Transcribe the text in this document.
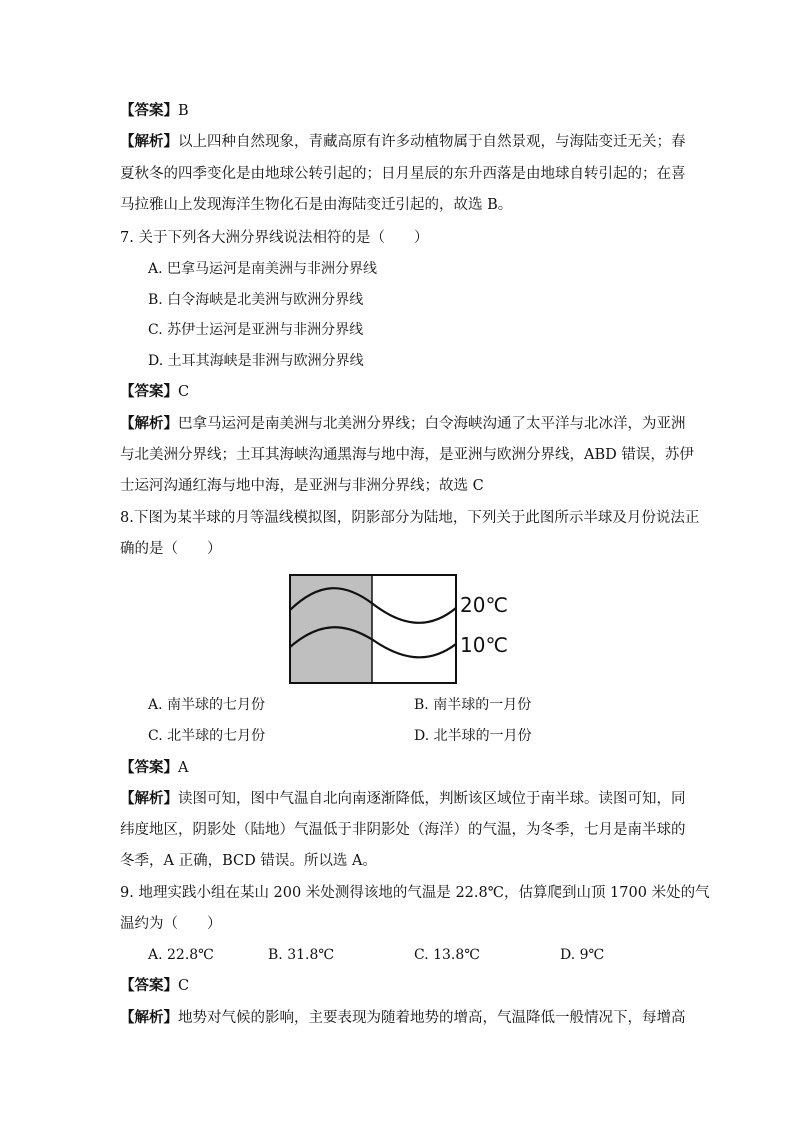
【答案】B
【解析】以上四种自然现象，青藏高原有许多动植物属于自然景观，与海陆变迁无关；春
夏秋冬的四季变化是由地球公转引起的；日月星辰的东升西落是由地球自转引起的；在喜
马拉雅山上发现海洋生物化石是由海陆变迁引起的，故选 B。
7. 关于下列各大洲分界线说法相符的是（　　）
A. 巴拿马运河是南美洲与非洲分界线
B. 白令海峡是北美洲与欧洲分界线
C. 苏伊士运河是亚洲与非洲分界线
D. 土耳其海峡是非洲与欧洲分界线
【答案】C
【解析】巴拿马运河是南美洲与北美洲分界线；白令海峡沟通了太平洋与北冰洋，为亚洲
与北美洲分界线；土耳其海峡沟通黑海与地中海，是亚洲与欧洲分界线，ABD 错误，苏伊
士运河沟通红海与地中海，是亚洲与非洲分界线；故选 C
8.下图为某半球的月等温线模拟图，阴影部分为陆地，下列关于此图所示半球及月份说法正
确的是（　　）
20℃
10℃
A. 南半球的七月份	B. 南半球的一月份
C. 北半球的七月份	D. 北半球的一月份
【答案】A
【解析】读图可知，图中气温自北向南逐渐降低，判断该区域位于南半球。读图可知，同
纬度地区，阴影处（陆地）气温低于非阴影处（海洋）的气温，为冬季，七月是南半球的
冬季，A 正确，BCD 错误。所以选 A。
9. 地理实践小组在某山 200 米处测得该地的气温是 22.8℃，估算爬到山顶 1700 米处的气
温约为（　　）
A. 22.8℃	B. 31.8℃	C. 13.8℃	D. 9℃
【答案】C
【解析】地势对气候的影响，主要表现为随着地势的增高，气温降低一般情况下，每增高
